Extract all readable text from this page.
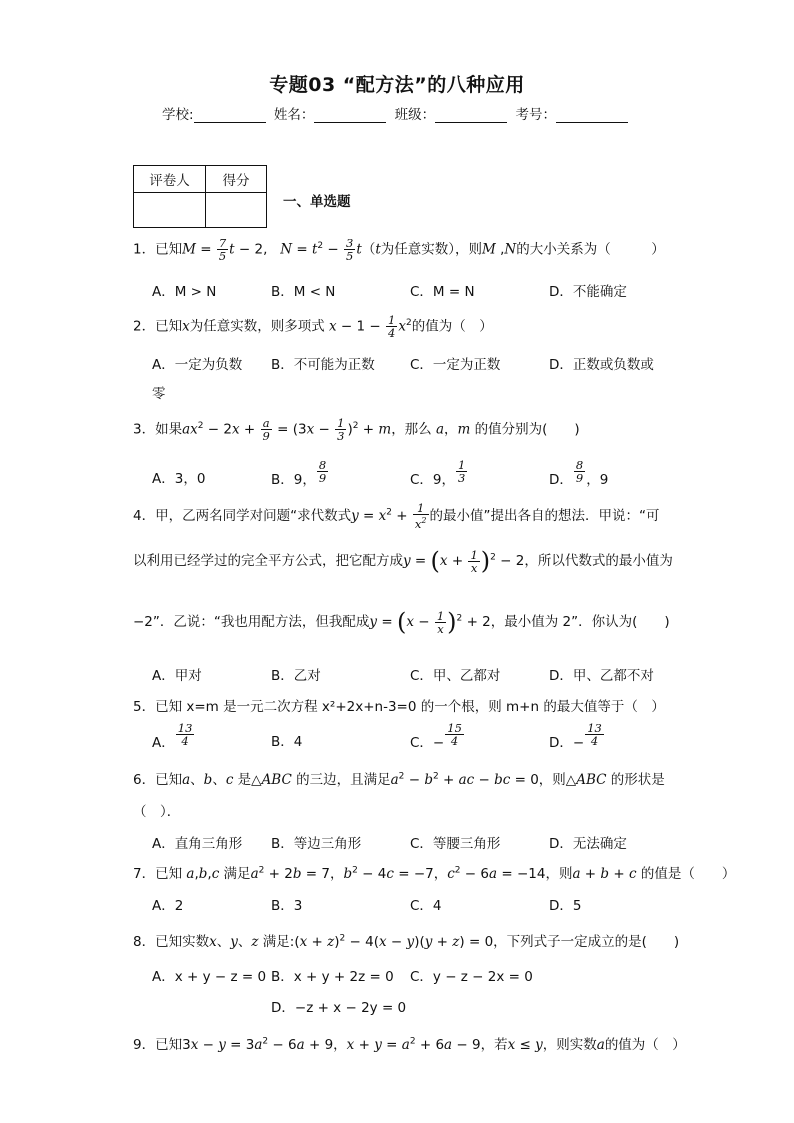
专题03 “配方法”的八种应用
学校:	姓名：	班级：	考号：
评卷人	得分

一、单选题
1．已知$M = \frac{7}{5}$ t − 2,   $N = t^2 - \frac{3}{5} t(t$为任意实数），则M ,N的大小关系为（　　　）
A．M > N	B．M < N	C．M = N	D．不能确定
2．已知x为任意实数，则多项式 $x - 1 - \frac{1}{4} x^2$的值为（　）
A．一定为负数 B．不可能为正数	C．一定为正数	D．正数或负数或
零
3．如果$ax^2 - 2x + \frac{a}{9} = (3x - \frac{1}{3} )^2 + m$，那么 a，m 的值分别为(　　)
A．3，0	B．9， $\frac{8}{9}$	C．9， $\frac{1}{3}$	D． $\frac{8}{9}$ ，9
4．甲，乙两名同学对问题“求代数式$y = x^2 + \frac{1}{x^2}$ 的最小值”提出各自的想法．甲说：“可
以利用已经学过的完全平方公式，把它配方成$y = (x + \frac{1}{x} )^2 - 2$，所以代数式的最小值为
−2”．乙说：“我也用配方法，但我配成$y = (x - \frac{1}{x} )^2 + 2$，最小值为 2”．你认为(　　)
A．甲对	B．乙对	C．甲、乙都对	D．甲、乙都不对
5．已知 x=m 是一元二次方程 x²+2x+n-3=0 的一个根，则 m+n 的最大值等于（　）
A． $\frac{13}{4}$	B．4	C．− $\frac{15}{4}$	D．− $\frac{13}{4}$
6．已知a、b、c 是△ABC 的三边，且满足$a^2 - b^2$ + ac − bc = 0，则△ABC 的形状是
（　）．
A．直角三角形 B．等边三角形	C．等腰三角形	D．无法确定
7．已知 a,b,c 满足$a^2 + 2b = 7$，$b^2 - 4c = -7$，$c^2 - 6a = -14$，则a + b + c 的值是（　　）
A．2	B．3	C．4	D．5
8．已知实数x、y、z 满足:(x + z)$^2$ − 4(x − y)(y + z) = 0，下列式子一定成立的是(　　)
A．x + y − z = 0 B．x + y + 2z = 0 C．y − z − 2x = 0
D．−z + x − 2y = 0
9．已知$3x - y = 3a^2 - 6a + 9$，$x + y = a^2 + 6a - 9$，若x ≤ y，则实数a的值为（　）
